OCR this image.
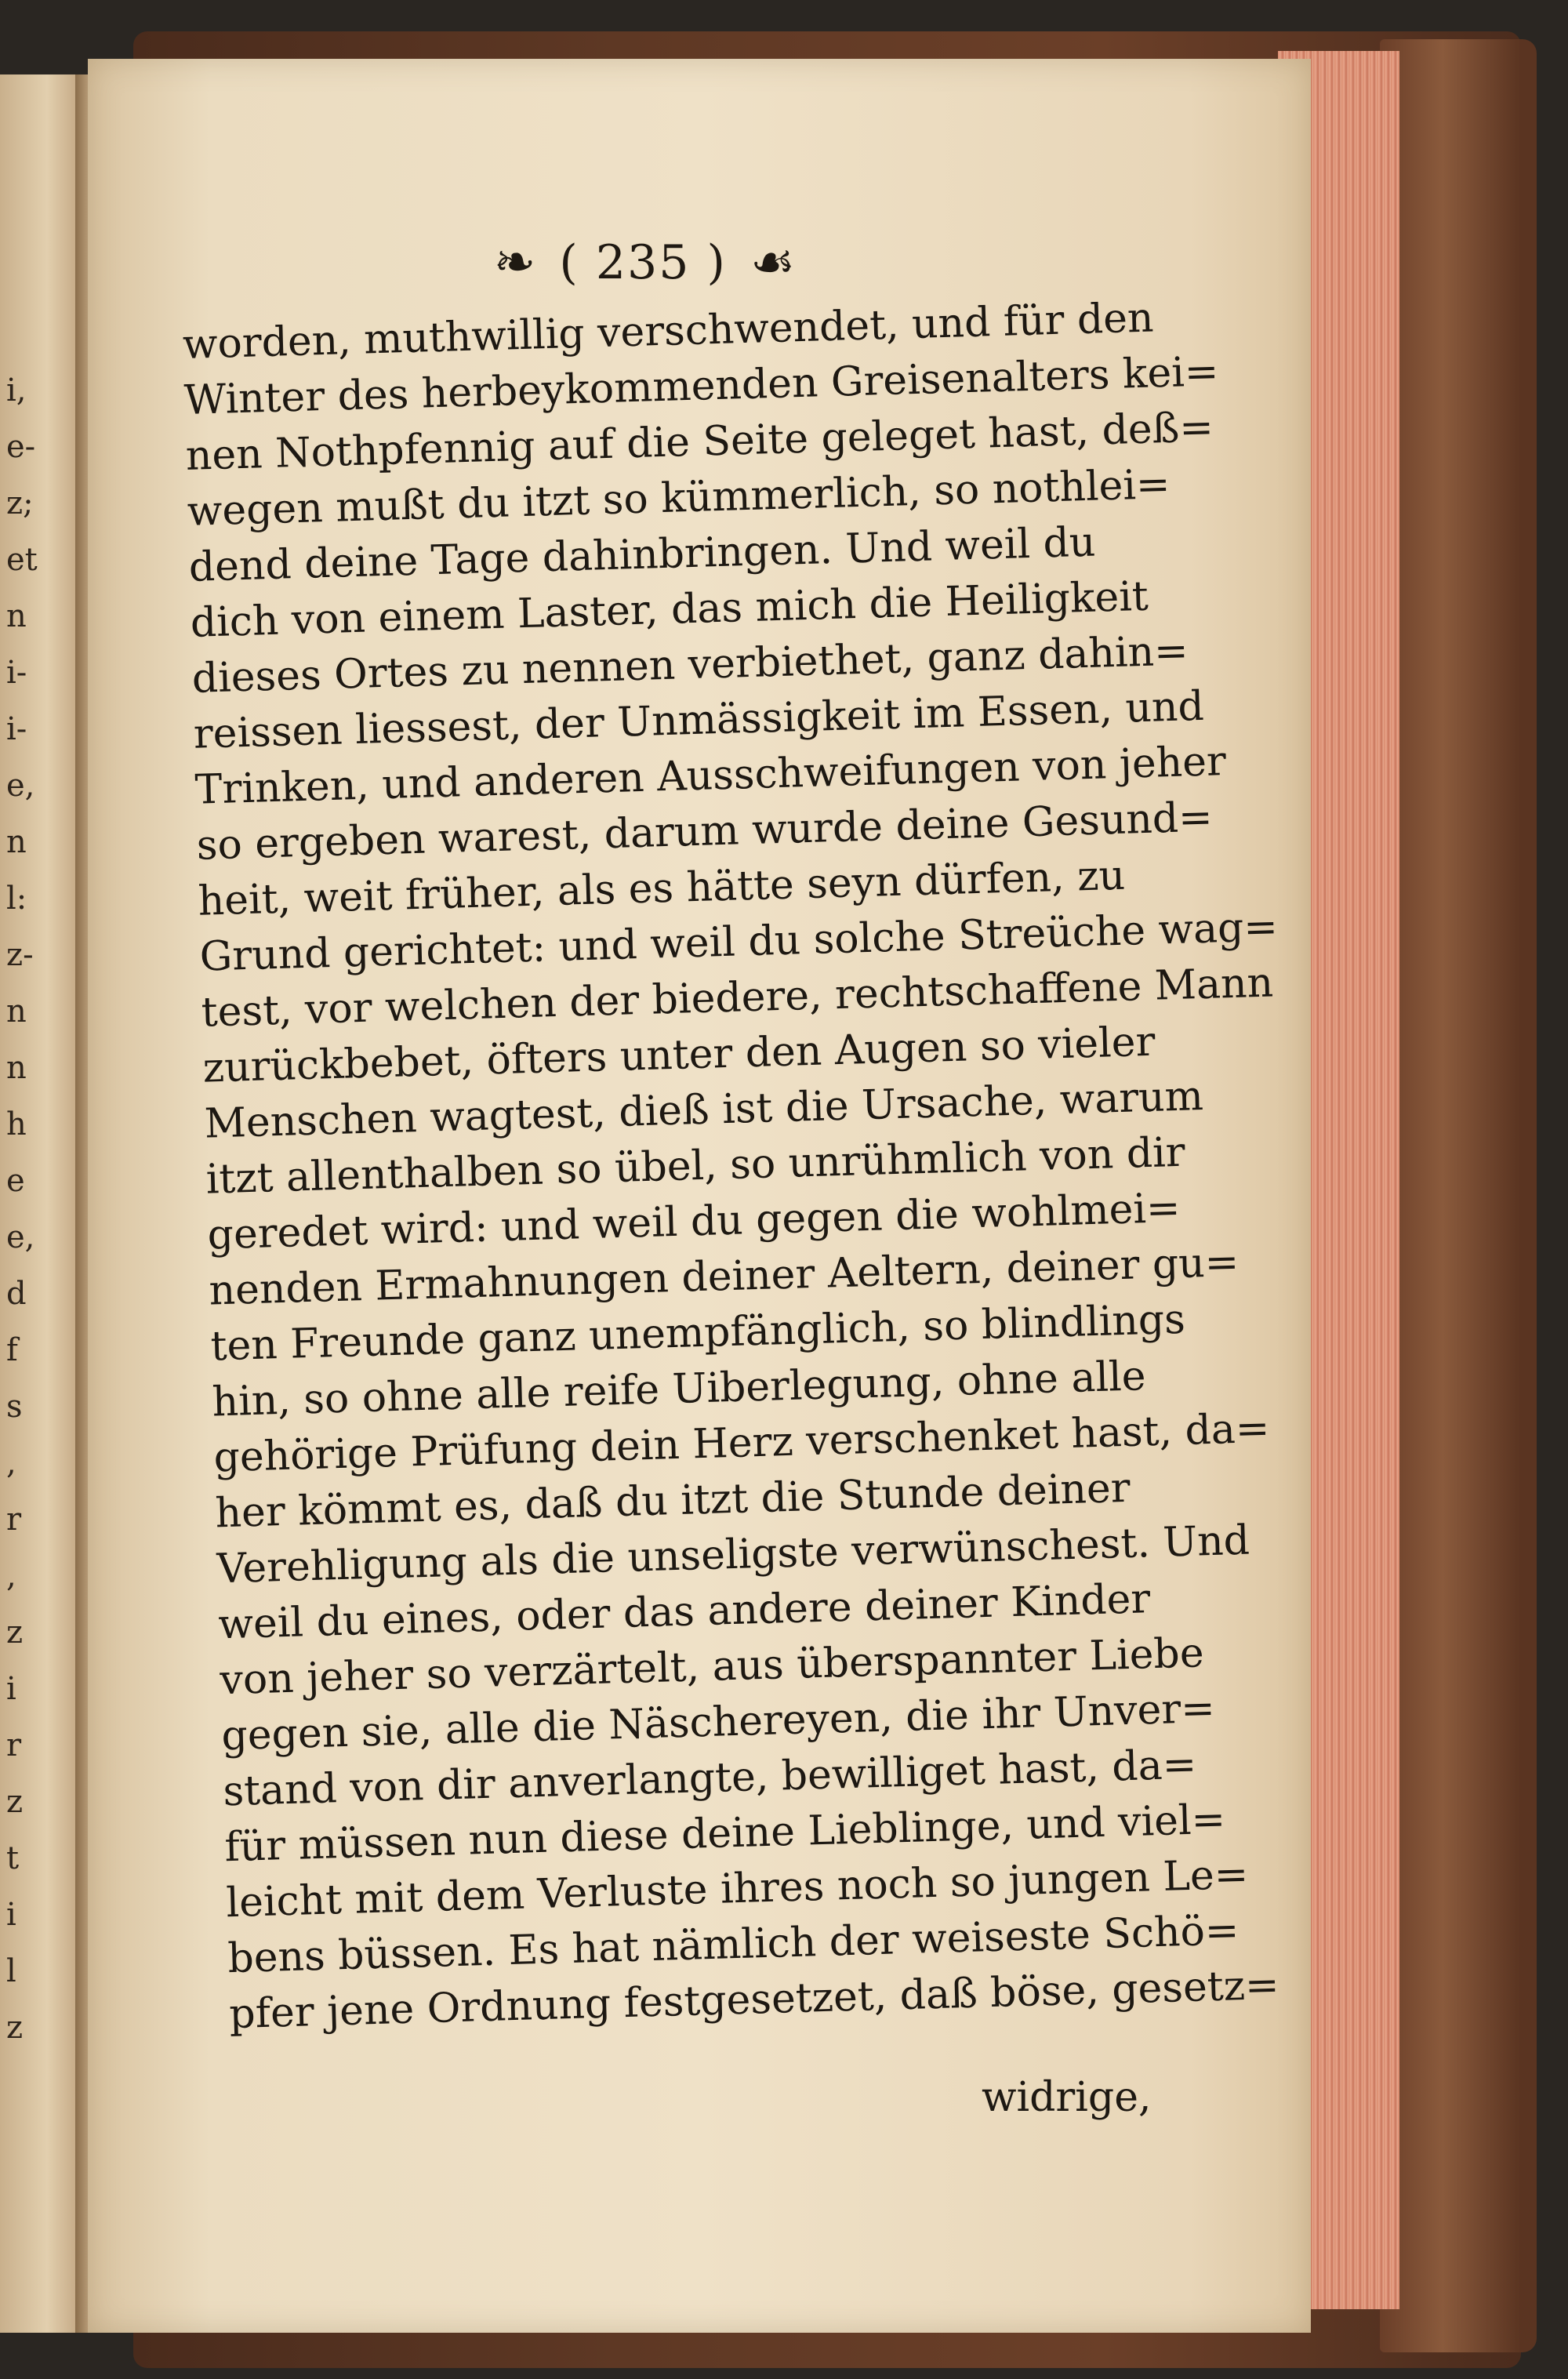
i,
e-
z;
et
n
i-
i-
e,
n
l:
z-
n
n
h
e
e,
d
f
s
,
r
,
z
i
r
z
t
i
l
z
❧ ( 235 ) ☙
worden, muthwillig verschwendet, und für den
Winter des herbeykommenden Greisenalters kei=
nen Nothpfennig auf die Seite geleget hast, deß=
wegen mußt du itzt so kümmerlich, so nothlei=
dend deine Tage dahinbringen. Und weil du
dich von einem Laster, das mich die Heiligkeit
dieses Ortes zu nennen verbiethet, ganz dahin=
reissen liessest, der Unmässigkeit im Essen, und
Trinken, und anderen Ausschweifungen von jeher
so ergeben warest, darum wurde deine Gesund=
heit, weit früher, als es hätte seyn dürfen, zu
Grund gerichtet: und weil du solche Streüche wag=
test, vor welchen der biedere, rechtschaffene Mann
zurückbebet, öfters unter den Augen so vieler
Menschen wagtest, dieß ist die Ursache, warum
itzt allenthalben so übel, so unrühmlich von dir
geredet wird: und weil du gegen die wohlmei=
nenden Ermahnungen deiner Aeltern, deiner gu=
ten Freunde ganz unempfänglich, so blindlings
hin, so ohne alle reife Uiberlegung, ohne alle
gehörige Prüfung dein Herz verschenket hast, da=
her kömmt es, daß du itzt die Stunde deiner
Verehligung als die unseligste verwünschest. Und
weil du eines, oder das andere deiner Kinder
von jeher so verzärtelt, aus überspannter Liebe
gegen sie, alle die Näschereyen, die ihr Unver=
stand von dir anverlangte, bewilliget hast, da=
für müssen nun diese deine Lieblinge, und viel=
leicht mit dem Verluste ihres noch so jungen Le=
bens büssen. Es hat nämlich der weiseste Schö=
pfer jene Ordnung festgesetzet, daß böse, gesetz=
widrige,
